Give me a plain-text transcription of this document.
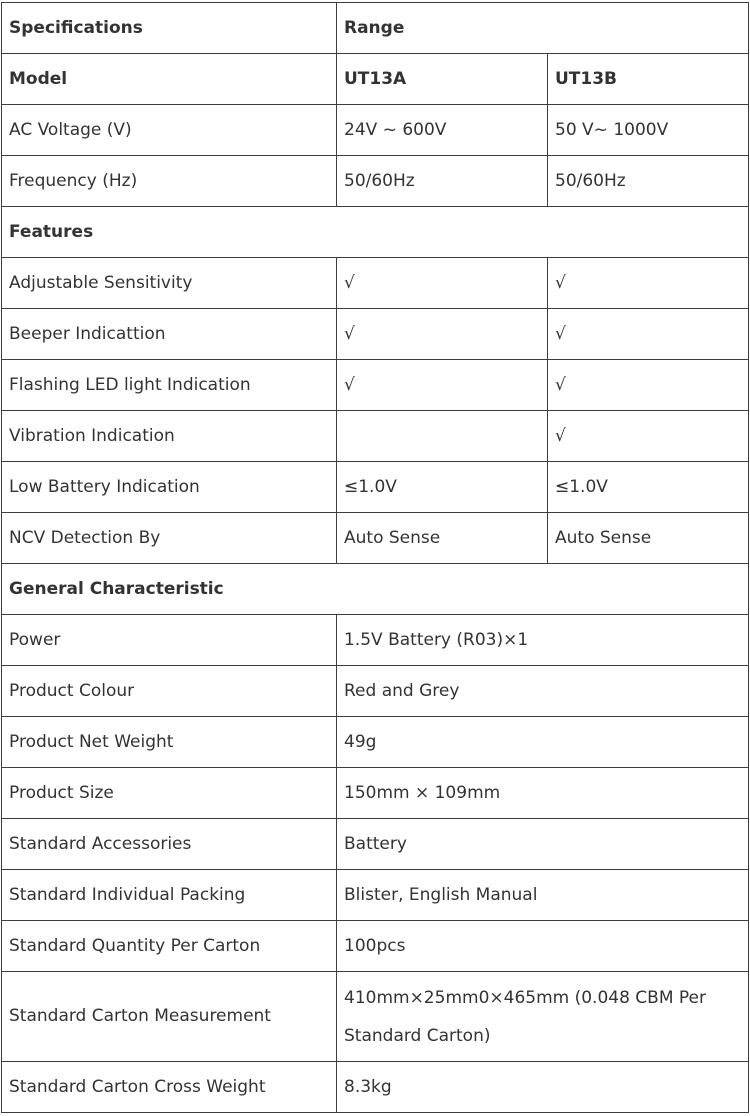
Specifications	Range	
Model	UT13A	UT13B
AC Voltage (V)	24V ~ 600V	50 V~ 1000V
Frequency (Hz)	50/60Hz	50/60Hz
Features		
Adjustable Sensitivity	√	√
Beeper Indicattion	√	√
Flashing LED light Indication	√	√
Vibration Indication		√
Low Battery Indication	≤1.0V	≤1.0V
NCV Detection By	Auto Sense	Auto Sense
General Characteristic		
Power	1.5V Battery (R03)×1	
Product Colour	Red and Grey	
Product Net Weight	49g	
Product Size	150mm × 109mm	
Standard Accessories	Battery	
Standard Individual Packing	Blister, English Manual	
Standard Quantity Per Carton	100pcs	
Standard Carton Measurement	410mm×25mm0×465mm (0.048 CBM Per Standard Carton)	
Standard Carton Cross Weight	8.3kg	
